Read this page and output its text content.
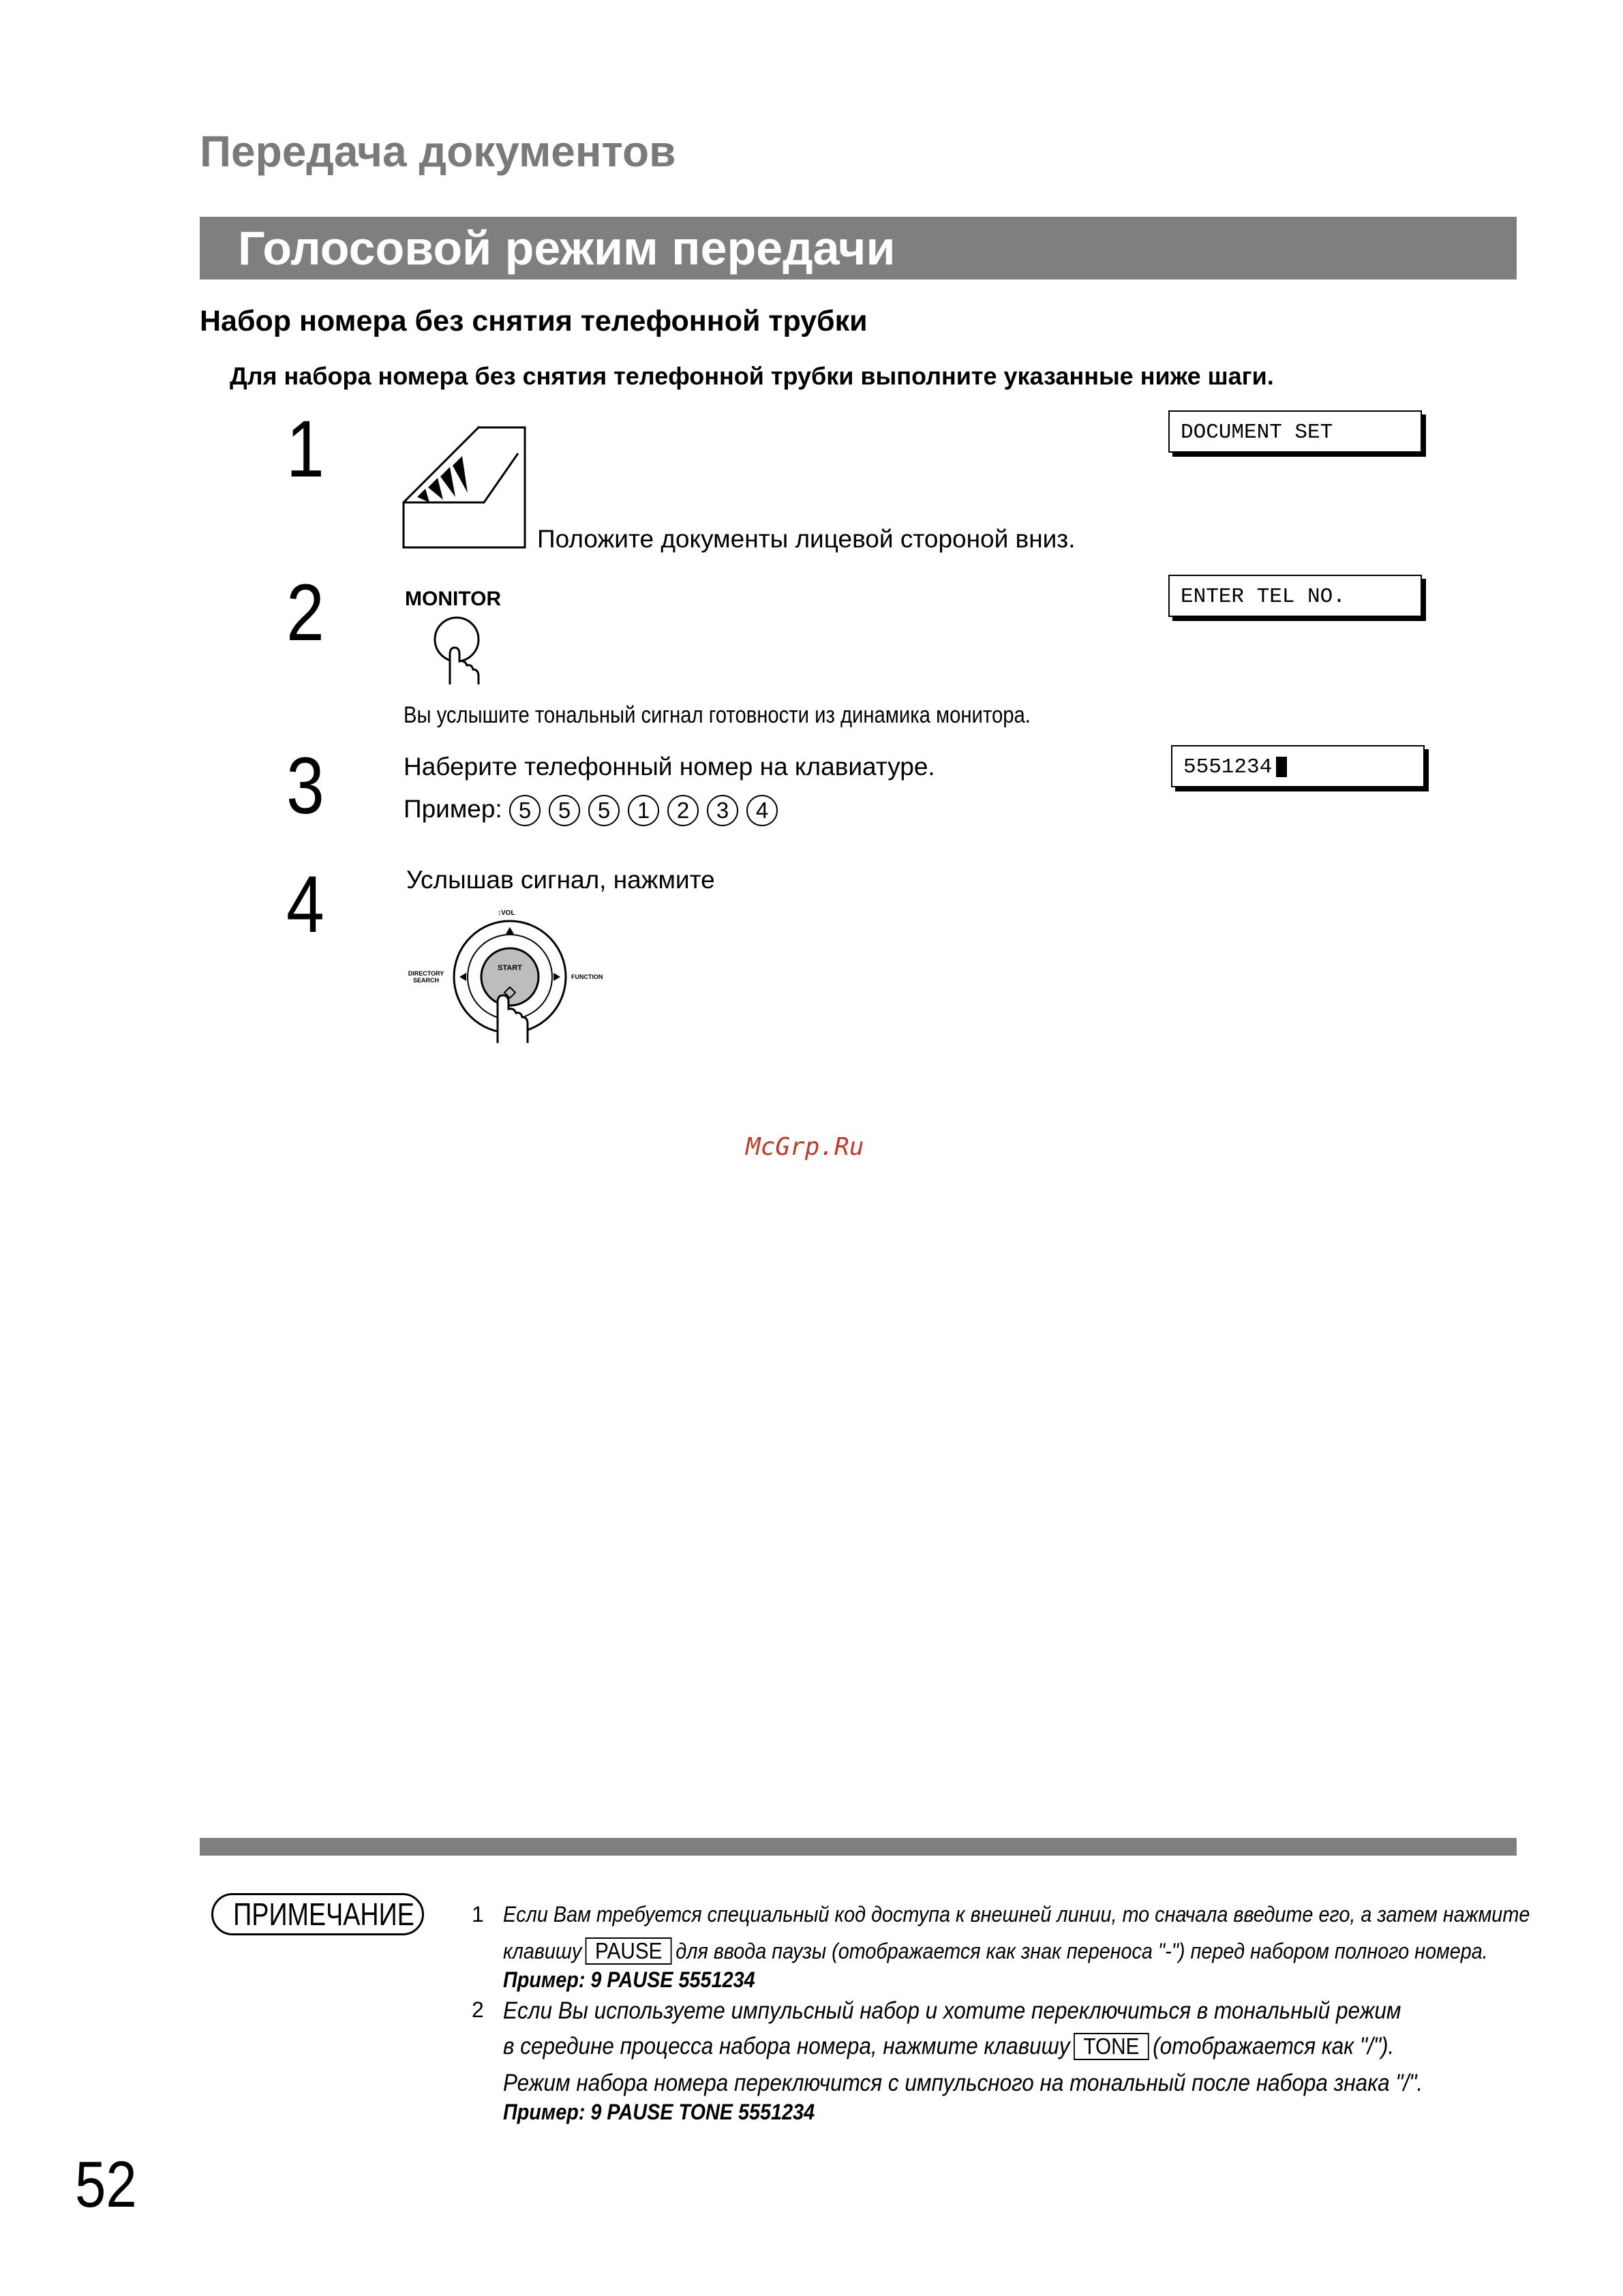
Передача документов
Голосовой режим передачи
Набор номера без снятия телефонной трубки
Для набора номера без снятия телефонной трубки выполните указанные ниже шаги.
1
Положите документы лицевой стороной вниз.
DOCUMENT SET
2	MONITOR
Вы услышите тональный сигнал готовности из динамика монитора.
ENTER TEL NO.
3	Наберите телефонный номер на клавиатуре.
Пример: 5 5 5 1 2 3 4
5551234
4	Услышав сигнал, нажмите
↕VOL
DIRECTORY SEARCH	FUNCTION
START
McGrp.Ru
ПРИМЕЧАНИЕ	1 Если Вам требуется специальный код доступа к внешней линии, то сначала введите его, а затем нажмите
клавишу PAUSE для ввода паузы (отображается как знак переноса "-") перед набором полного номера.
Пример: 9 PAUSE 5551234
2 Если Вы используете импульсный набор и хотите переключиться в тональный режим
в середине процесса набора номера, нажмите клавишу TONE (отображается как "/").
Режим набора номера переключится с импульсного на тональный после набора знака "/".
Пример: 9 PAUSE TONE 5551234
52
